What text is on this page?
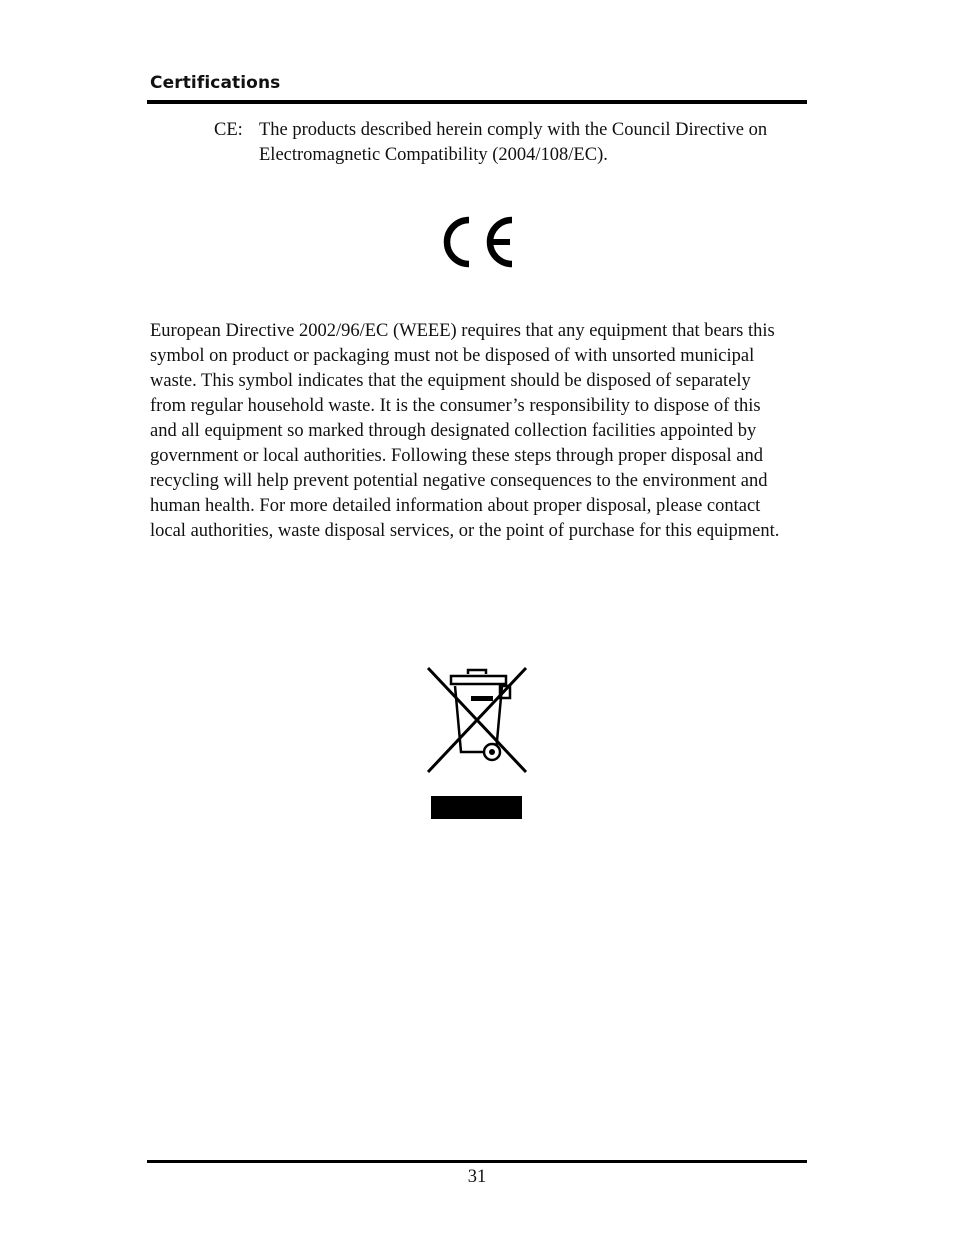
Certifications
CE: The products described herein comply with the Council Directive on
Electromagnetic Compatibility (2004/108/EC).
European Directive 2002/96/EC (WEEE) requires that any equipment that bears this
symbol on product or packaging must not be disposed of with unsorted municipal
waste. This symbol indicates that the equipment should be disposed of separately
from regular household waste. It is the consumer’s responsibility to dispose of this
and all equipment so marked through designated collection facilities appointed by
government or local authorities. Following these steps through proper disposal and
recycling will help prevent potential negative consequences to the environment and
human health. For more detailed information about proper disposal, please contact
local authorities, waste disposal services, or the point of purchase for this equipment.
31
